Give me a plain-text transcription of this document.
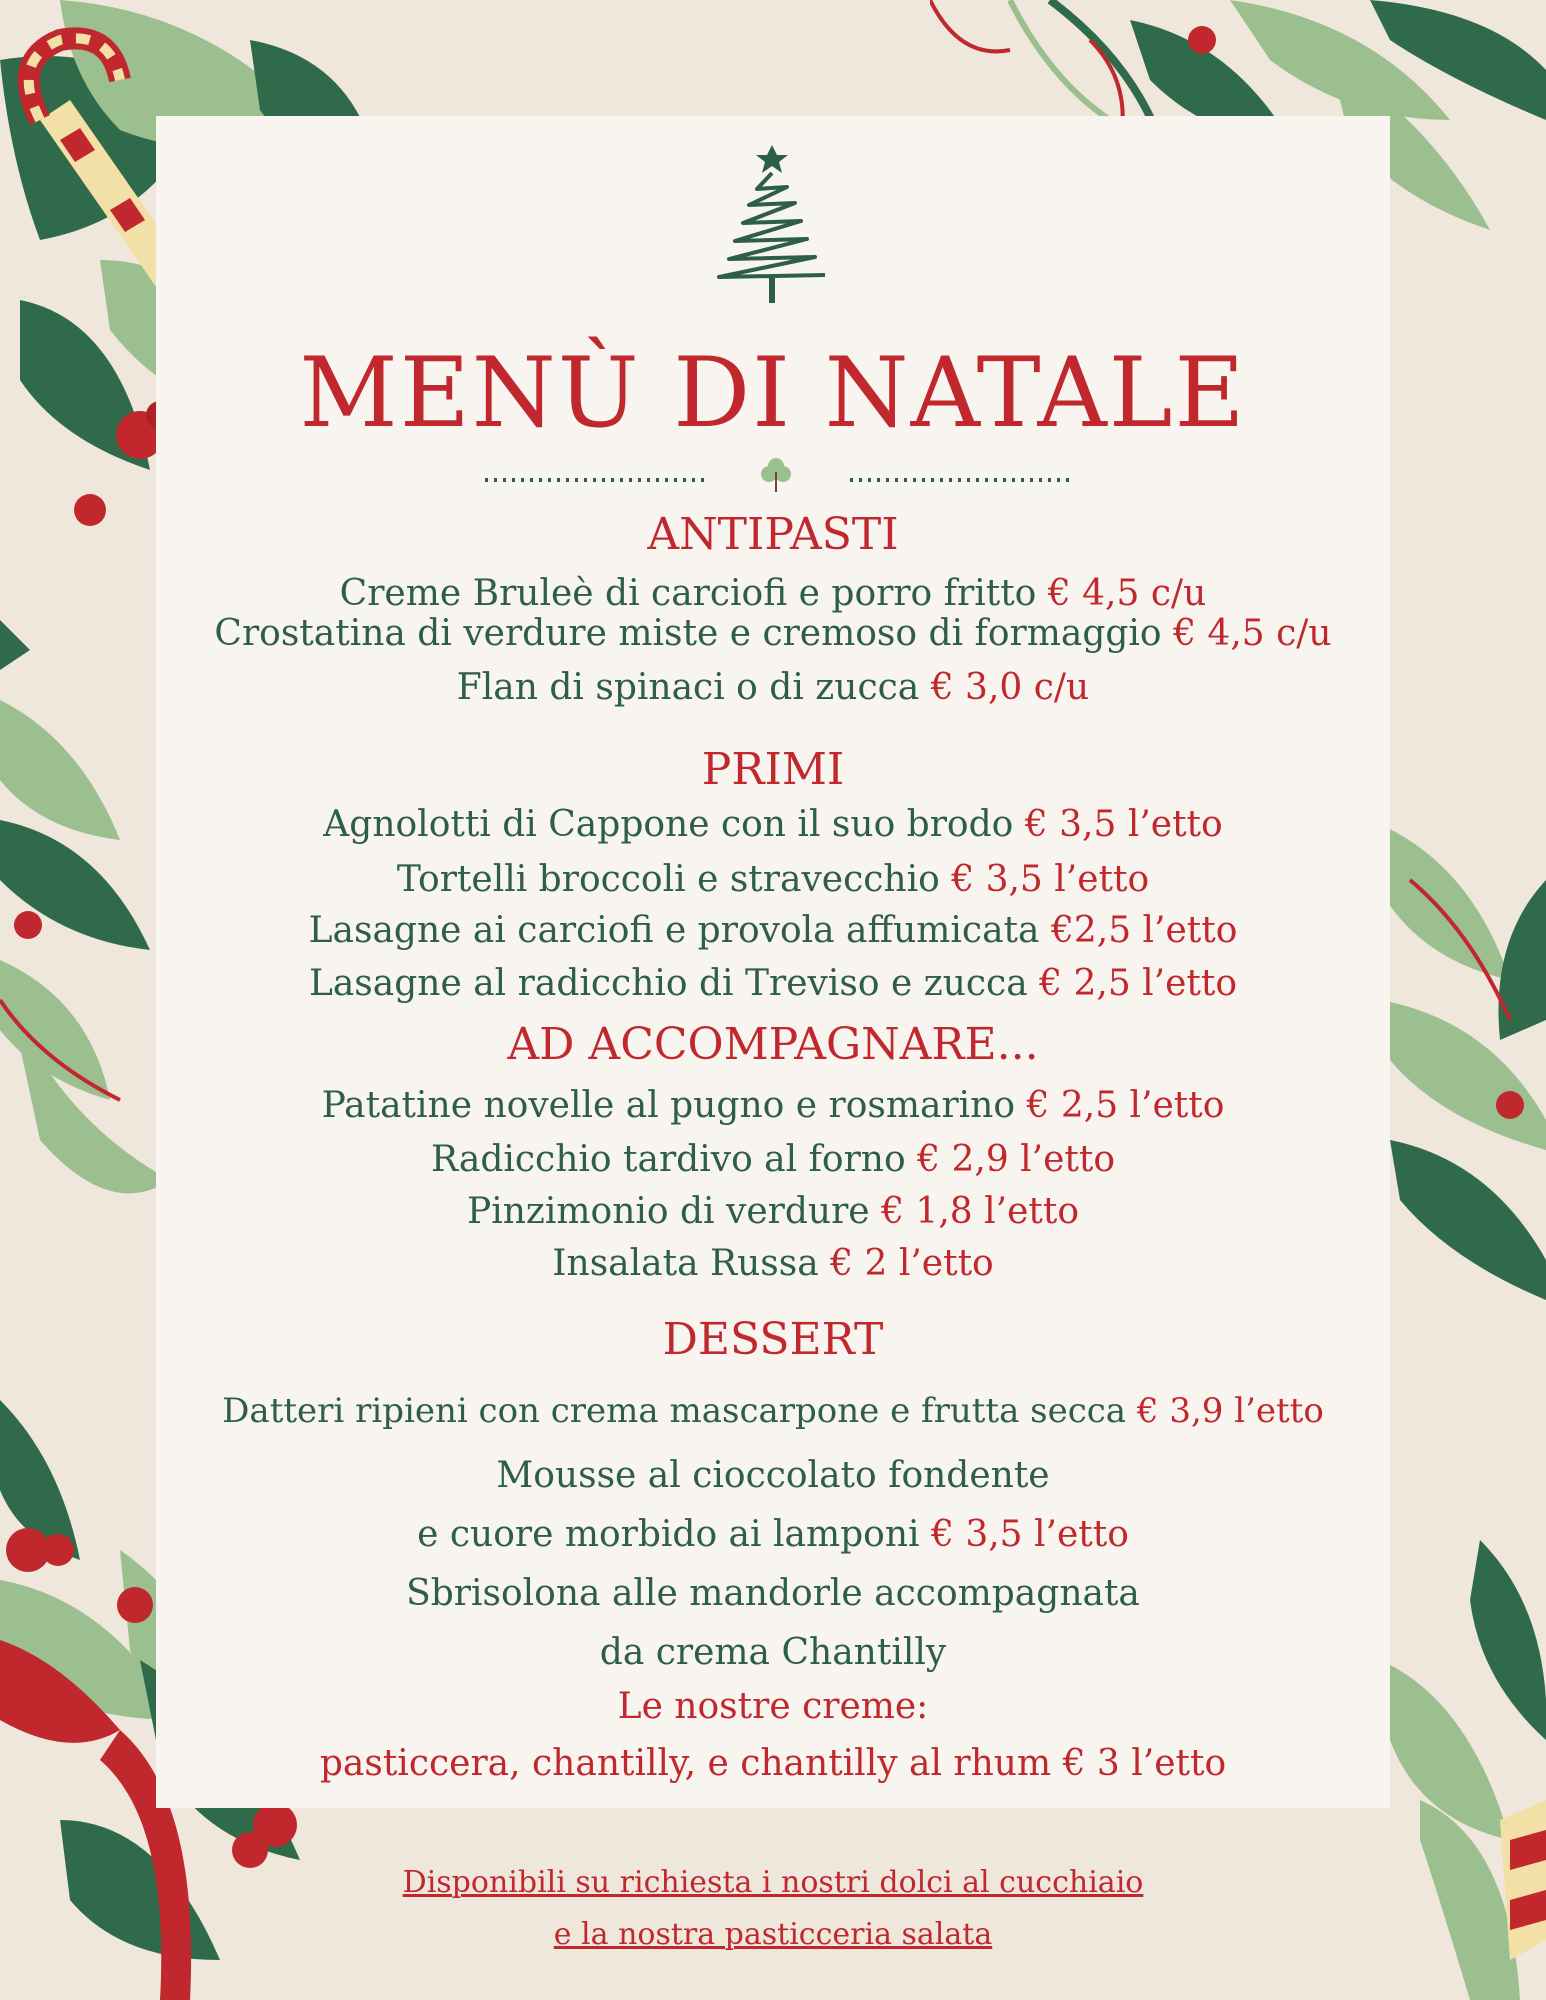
MENÙ DI NATALE
ANTIPASTI
Creme Bruleè di carciofi e porro fritto € 4,5 c/u
Crostatina di verdure miste e cremoso di formaggio € 4,5 c/u
Flan di spinaci o di zucca € 3,0 c/u
PRIMI
Agnolotti di Cappone con il suo brodo € 3,5 l’etto
Tortelli broccoli e stravecchio € 3,5 l’etto
Lasagne ai carciofi e provola affumicata €2,5 l’etto
Lasagne al radicchio di Treviso e zucca € 2,5 l’etto
AD ACCOMPAGNARE...
Patatine novelle al pugno e rosmarino € 2,5 l’etto
Radicchio tardivo al forno € 2,9 l’etto
Pinzimonio di verdure € 1,8 l’etto
Insalata Russa € 2 l’etto
DESSERT
Datteri ripieni con crema mascarpone e frutta secca € 3,9 l’etto
Mousse al cioccolato fondente
e cuore morbido ai lamponi € 3,5 l’etto
Sbrisolona alle mandorle accompagnata
da crema Chantilly
Le nostre creme:
pasticcera, chantilly, e chantilly al rhum € 3 l’etto
Disponibili su richiesta i nostri dolci al cucchiaio
e la nostra pasticceria salata
